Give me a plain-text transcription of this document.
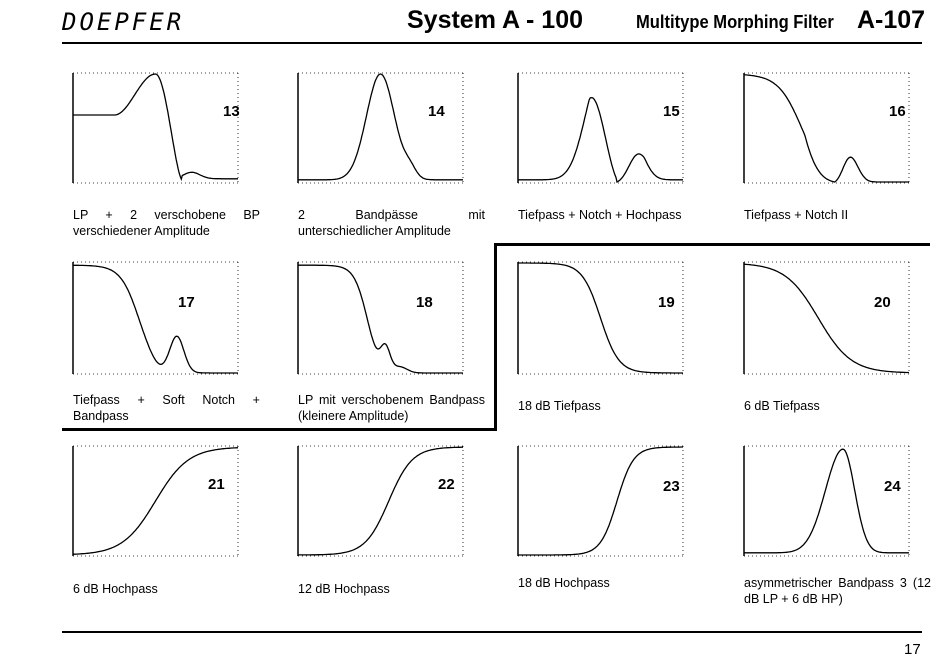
DOEPFER	System A - 100	Multitype Morphing Filter A-107
13
LP + 2 verschobene BP verschiedener Amplitude
14
2 Bandpässe mit unterschiedlicher Amplitude
15
Tiefpass + Notch + Hochpass
16
Tiefpass + Notch II
17
Tiefpass + Soft Notch + Bandpass
18
LP mit verschobenem Bandpass (kleinere Amplitude)
19
18 dB Tiefpass
20
6 dB Tiefpass
21
6 dB Hochpass
22
12 dB Hochpass
23
18 dB Hochpass
24
asymmetrischer Bandpass 3 (12 dB LP + 6 dB HP)
17
